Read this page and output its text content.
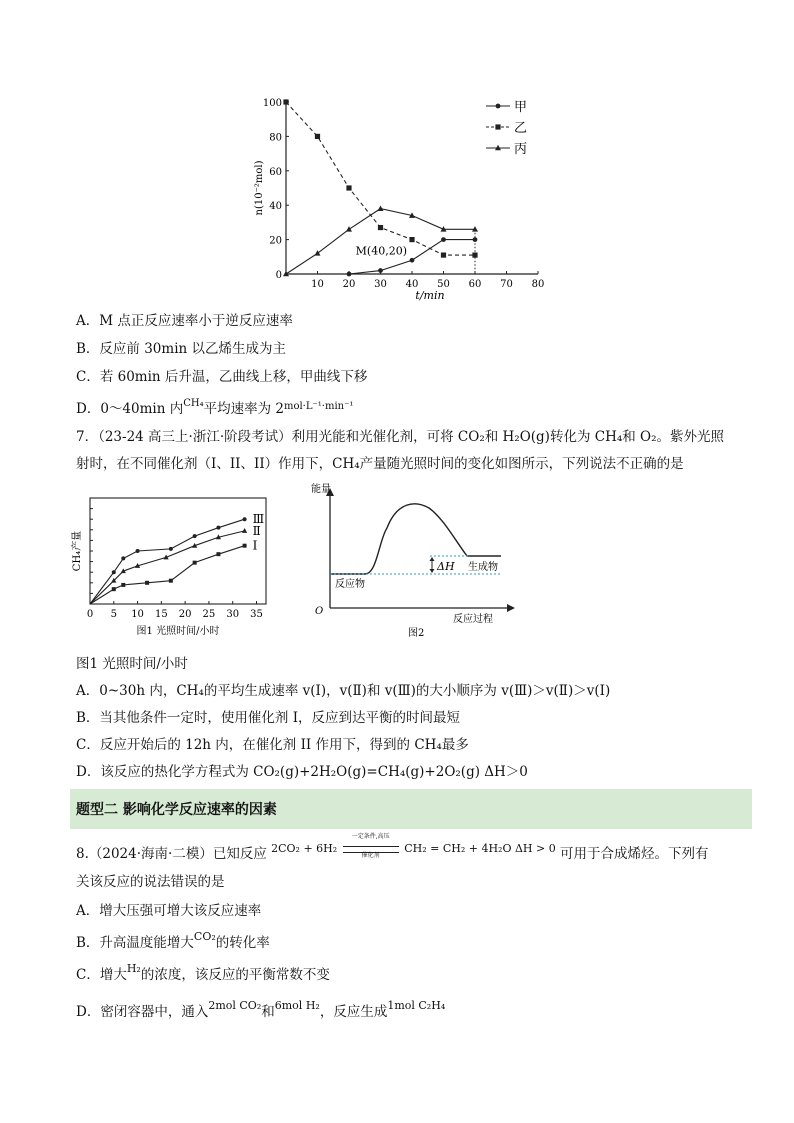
10 20 30 40 50 60 70 80
0
20
40
60
80
100
t/min
n(10⁻²mol)
甲
乙
丙
M(40,20)
A．M 点正反应速率小于逆反应速率
B．反应前 30min 以乙烯生成为主
C．若 60min 后升温，乙曲线上移，甲曲线下移
D．0～40min 内$^{CH_4}$平均速率为 $2^{mol\cdot L^{-1}\cdot min^{-1}}$
7．（23-24 高三上·浙江·阶段考试）利用光能和光催化剂，可将 CO₂和 H₂O(g)转化为 CH₄和 O₂。紫外光照
射时，在不同催化剂（I、II、II）作用下，CH₄产量随光照时间的变化如图所示，下列说法不正确的是
0 5 10 15 20 25 30 35
CH₄产量
图1 光照时间/小时
Ⅲ
Ⅱ
Ⅰ
能量
O
反应过程
ΔH
反应物
生成物
图2
图1 光照时间/小时
A．0~30h 内，CH₄的平均生成速率 v(Ⅰ)，v(Ⅱ)和 v(Ⅲ)的大小顺序为 v(Ⅲ)＞v(Ⅱ)＞v(Ⅰ)
B．当其他条件一定时，使用催化剂 I，反应到达平衡的时间最短
C．反应开始后的 12h 内，在催化剂 II 作用下，得到的 CH₄最多
D．该反应的热化学方程式为 CO₂(g)+2H₂O(g)=CH₄(g)+2O₂(g) ΔH＞0
题型二 影响化学反应速率的因素
8.（2024·海南·二模）已知反应 2CO₂ + 6H₂
一定条件,高压
催化剂
CH₂ = CH₂ + 4H₂O ΔH > 0 可用于合成烯烃。下列有
关该反应的说法错误的是
A．增大压强可增大该反应速率
B．升高温度能增大$^{CO_2}$的转化率
C．增大$^{H_2}$的浓度，该反应的平衡常数不变
D．密闭容器中，通入$^{2mol CO_2}$和$^{6mol H_2}$，反应生成$^{1mol C_2H_4}$
